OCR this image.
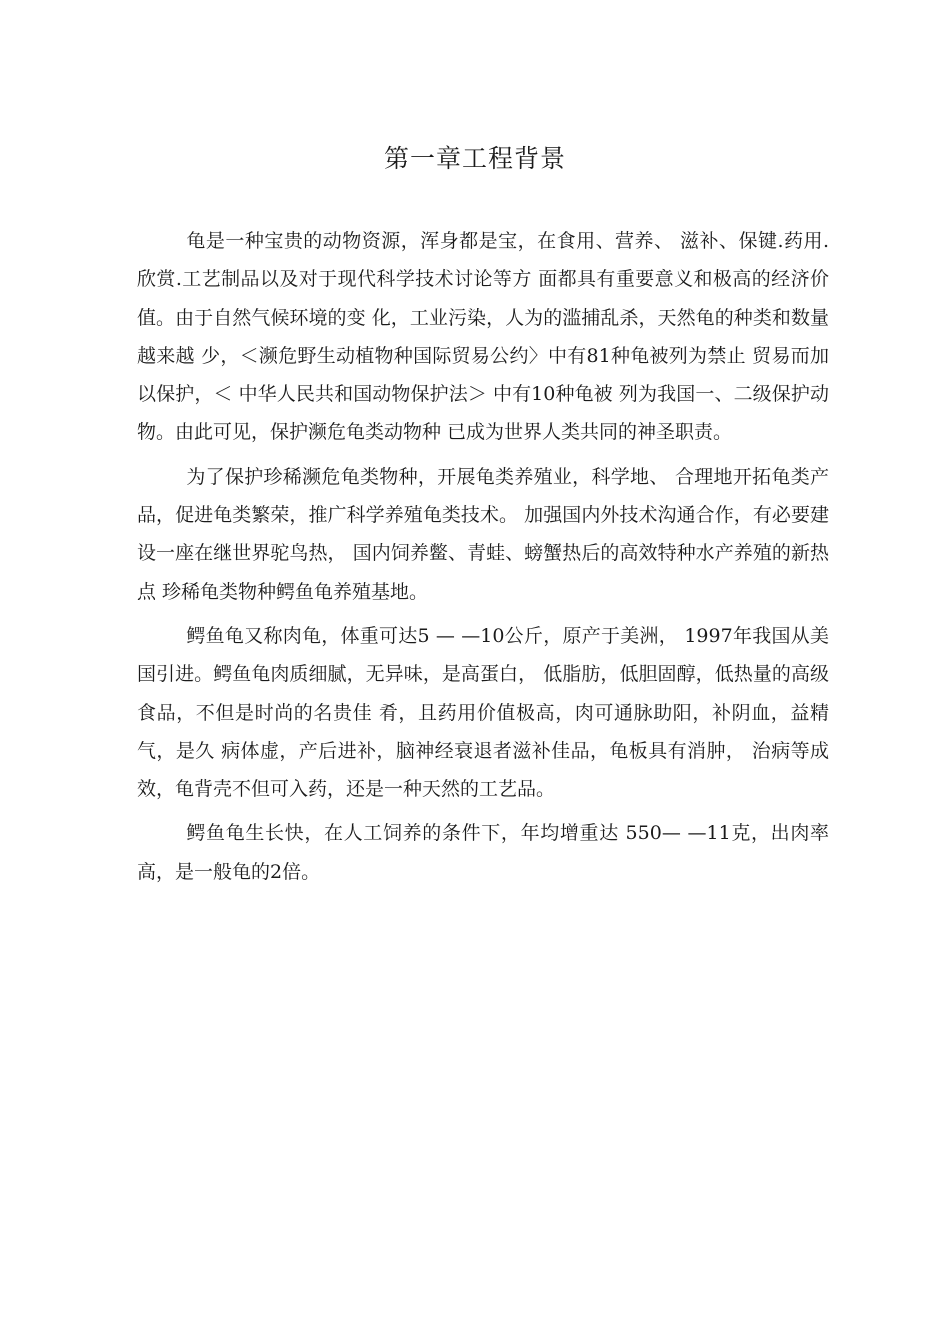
第一章工程背景

龟是一种宝贵的动物资源，浑身都是宝，在食用、营养、 滋补、保键.药用.欣赏.工艺制品以及对于现代科学技术讨论等方 面都具有重要意义和极高的经济价值。由于自然气候环境的变 化，工业污染，人为的滥捕乱杀，天然龟的种类和数量越来越 少，＜濒危野生动植物种国际贸易公约〉中有81种龟被列为禁止 贸易而加以保护，＜ 中华人民共和国动物保护法＞ 中有10种龟被 列为我国一、二级保护动物。由此可见，保护濒危龟类动物种 已成为世界人类共同的神圣职责。

为了保护珍稀濒危龟类物种，开展龟类养殖业，科学地、 合理地开拓龟类产品，促进龟类繁荣，推广科学养殖龟类技术。 加强国内外技术沟通合作，有必要建设一座在继世界驼鸟热， 国内饲养鳖、青蛙、螃蟹热后的高效特种水产养殖的新热点 珍稀龟类物种鳄鱼龟养殖基地。

鳄鱼龟又称肉龟，体重可达5 — —10公斤，原产于美洲， 1997年我国从美国引进。鳄鱼龟肉质细腻，无异味，是高蛋白， 低脂肪，低胆固醇，低热量的高级食品，不但是时尚的名贵佳 肴，且药用价值极高，肉可通脉助阳，补阴血，益精气，是久 病体虚，产后进补，脑神经衰退者滋补佳品，龟板具有消肿， 治病等成效，龟背壳不但可入药，还是一种天然的工艺品。

鳄鱼龟生长快，在人工饲养的条件下，年均增重达 550— —11克，出肉率高，是一般龟的2倍。
